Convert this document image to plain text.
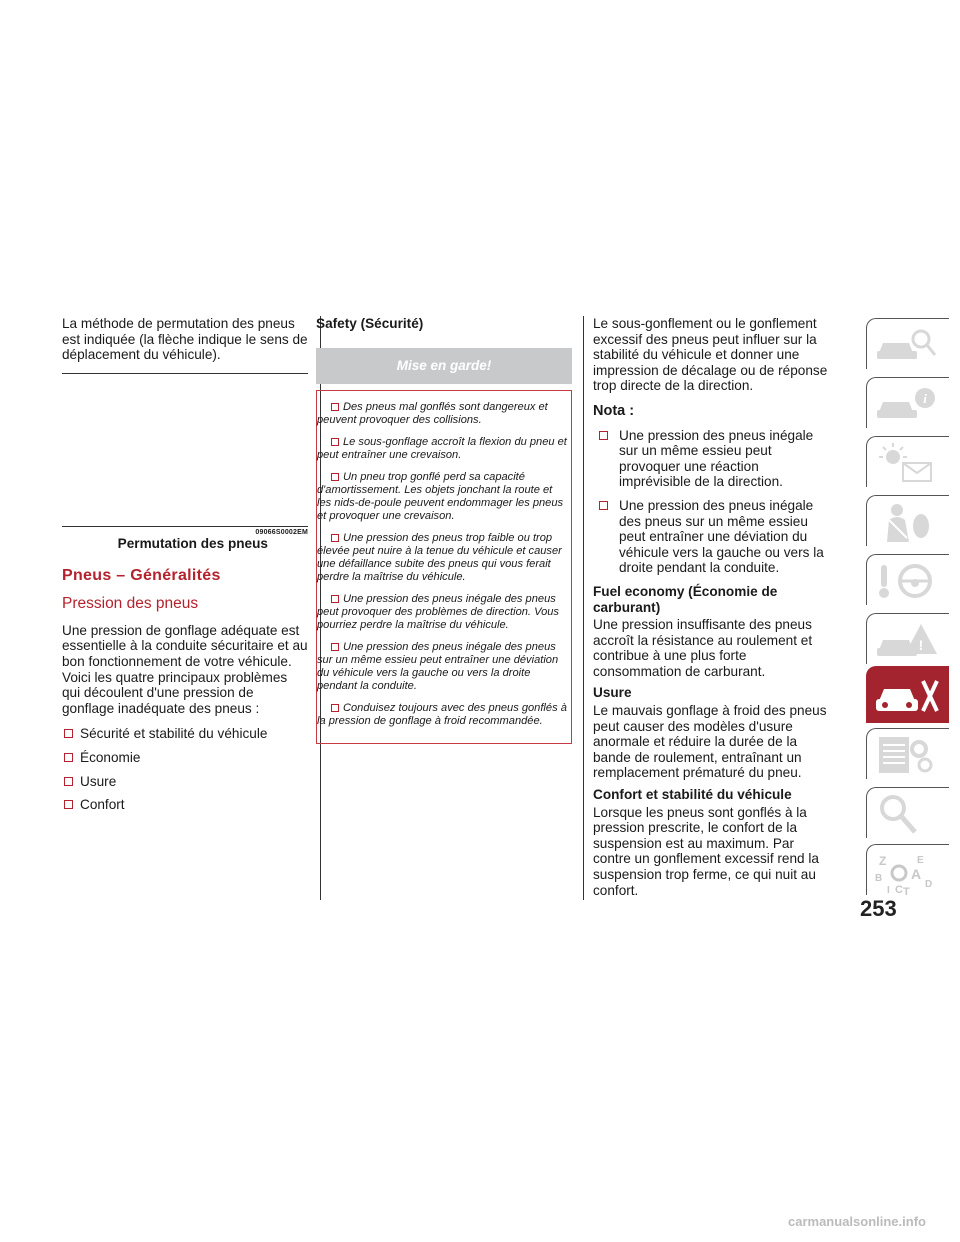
La méthode de permutation des pneus est indiquée (la flèche indique le sens de déplacement du véhicule).

09066S0002EM
Permutation des pneus
Pneus – Généralités
Pression des pneus

Une pression de gonflage adéquate est essentielle à la conduite sécuritaire et au bon fonctionnement de votre véhicule. Voici les quatre principaux problèmes qui découlent d'une pression de gonflage inadéquate des pneus :

Sécurité et stabilité du véhicule
Économie
Usure
Confort
Safety (Sécurité)
Mise en garde!
Des pneus mal gonflés sont dangereux et peuvent provoquer des collisions.
Le sous-gonflage accroît la flexion du pneu et peut entraîner une crevaison.
Un pneu trop gonflé perd sa capacité d'amortissement. Les objets jonchant la route et les nids-de-poule peuvent endommager les pneus et provoquer une crevaison.
Une pression des pneus trop faible ou trop élevée peut nuire à la tenue du véhicule et causer une défaillance subite des pneus qui vous ferait perdre la maîtrise du véhicule.
Une pression des pneus inégale des pneus peut provoquer des problèmes de direction. Vous pourriez perdre la maîtrise du véhicule.
Une pression des pneus inégale des pneus sur un même essieu peut entraîner une déviation du véhicule vers la gauche ou vers la droite pendant la conduite.
Conduisez toujours avec des pneus gonflés à la pression de gonflage à froid recommandée.

Le sous-gonflement ou le gonflement excessif des pneus peut influer sur la stabilité du véhicule et donner une impression de décalage ou de réponse trop directe de la direction.

Nota :
Une pression des pneus inégale sur un même essieu peut provoquer une réaction imprévisible de la direction.
Une pression des pneus inégale des pneus sur un même essieu peut entraîner une déviation du véhicule vers la gauche ou vers la droite pendant la conduite.
Fuel economy (Économie de carburant)

Une pression insuffisante des pneus accroît la résistance au roulement et contribue à une plus forte consommation de carburant.

Usure

Le mauvais gonflage à froid des pneus peut causer des modèles d'usure anormale et réduire la durée de la bande de roulement, entraînant un remplacement prématuré du pneu.

Confort et stabilité du véhicule

Lorsque les pneus sont gonflés à la pression prescrite, le confort de la suspension est au maximum. Par contre un gonflement excessif rend la suspension trop ferme, ce qui nuit au confort.

i
!
Z	E
A
B
D
I C T
253
carmanualsonline.info
